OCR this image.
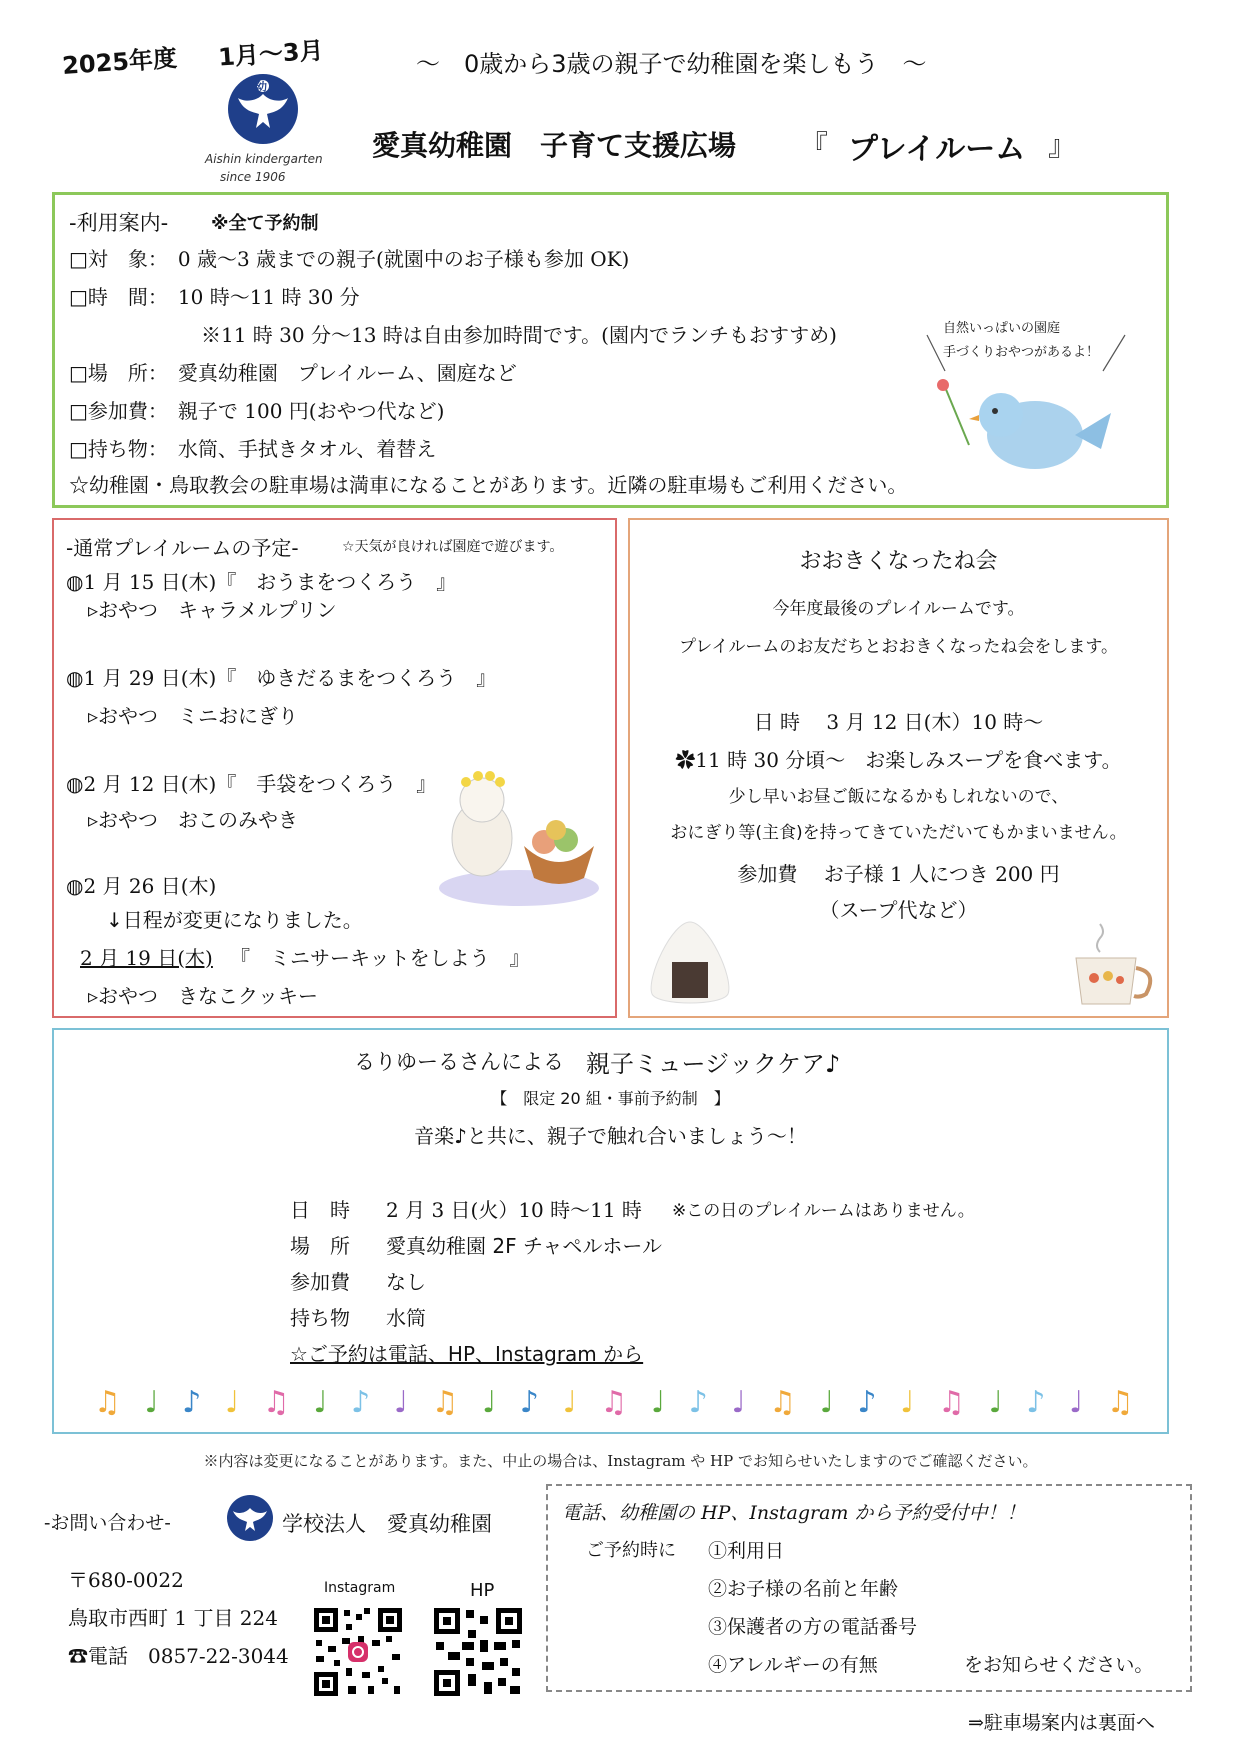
2025年度 1月～3月
幼
Aishin kindergarten
since 1906
～　0歳から3歳の親子で幼稚園を楽しもう　～
愛真幼稚園　子育て支援広場 『 プレイルーム 』
-利用案内- ※全て予約制
□対　象：　0 歳～3 歳までの親子(就園中のお子様も参加 OK)
□時　間：　10 時～11 時 30 分
※11 時 30 分～13 時は自由参加時間です。(園内でランチもおすすめ)
□場　所：　愛真幼稚園　プレイルーム、園庭など
□参加費：　親子で 100 円(おやつ代など)
□持ち物：　水筒、手拭きタオル、着替え
☆幼稚園・鳥取教会の駐車場は満車になることがあります。近隣の駐車場もご利用ください。
自然いっぱいの園庭
手づくりおやつがあるよ！
-通常プレイルームの予定-	☆天気が良ければ園庭で遊びます。
◍1 月 15 日(木)『　おうまをつくろう　』
▹おやつ　キャラメルプリン
◍1 月 29 日(木)『　ゆきだるまをつくろう　』
▹おやつ　ミニおにぎり
◍2 月 12 日(木)『　手袋をつくろう　』
▹おやつ　おこのみやき
◍2 月 26 日(木)
↓日程が変更になりました。
2 月 19 日(木) 『　ミニサーキットをしよう　』
▹おやつ　きなこクッキー
おおきくなったね会
今年度最後のプレイルームです。
プレイルームのお友だちとおおきくなったね会をします。
日 時　 3 月 12 日(木）10 時～
✿11 時 30 分頃～　お楽しみスープを食べます。
少し早いお昼ご飯になるかもしれないので、
おにぎり等(主食)を持ってきていただいてもかまいません。
参加費　 お子様 1 人につき 200 円
（スープ代など）
るりゆーるさんによる 親子ミュージックケア♪
【　限定 20 組・事前予約制　】
音楽♪と共に、親子で触れ合いましょう～！
日　時 2 月 3 日(火）10 時～11 時 ※この日のプレイルームはありません。
場　所 愛真幼稚園 2F チャペルホール
参加費 なし
持ち物 水筒
☆ご予約は電話、HP、Instagram から
♫ ♩ ♪ ♩ ♫ ♩ ♪ ♩ ♫ ♩ ♪ ♩ ♫ ♩ ♪ ♩ ♫ ♩ ♪ ♩ ♫ ♩ ♪ ♩ ♫
※内容は変更になることがあります。また、中止の場合は、Instagram や HP でお知らせいたしますのでご確認ください。
-お問い合わせ-	学校法人　愛真幼稚園
〒680-0022
鳥取市西町 1 丁目 224
☎電話　0857-22-3044
Instagram	HP
電話、幼稚園の HP、Instagram から予約受付中！！
ご予約時に ①利用日
②お子様の名前と年齢
③保護者の方の電話番号
④アレルギーの有無	をお知らせください。
⇒駐車場案内は裏面へ
